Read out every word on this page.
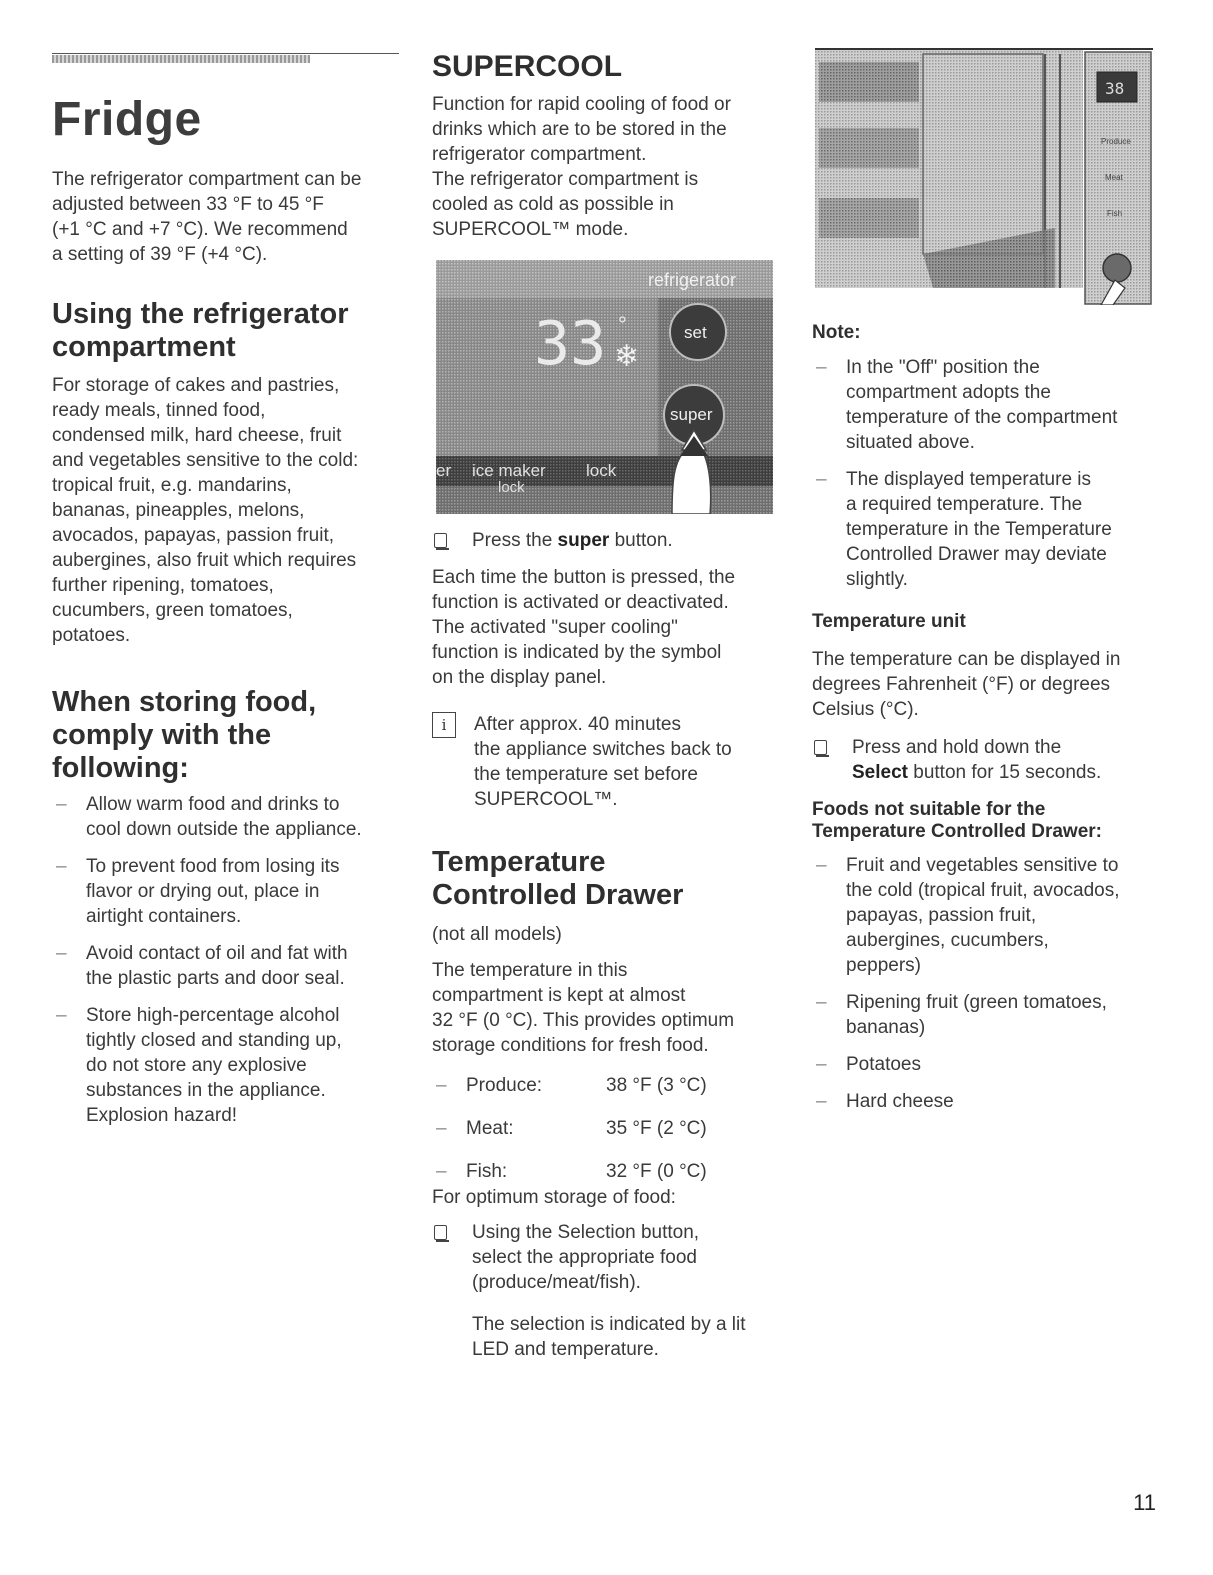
Fridge

The refrigerator compartment can be

adjusted between 33 °F to 45 °F

(+1 °C and +7 °C). We recommend

a setting of 39 °F (+4 °C).

Using the refrigerator
compartment

For storage of cakes and pastries,

ready meals, tinned food,

condensed milk, hard cheese, fruit

and vegetables sensitive to the cold:

tropical fruit, e.g. mandarins,

bananas, pineapples, melons,

avocados, papayas, passion fruit,

aubergines, also fruit which requires

further ripening, tomatoes,

cucumbers, green tomatoes,

potatoes.

When storing food,
comply with the
following:
– Allow warm food and drinks to
cool down outside the appliance.
– To prevent food from losing its
flavor or drying out, place in
airtight containers.
– Avoid contact of oil and fat with
the plastic parts and door seal.
– Store high-percentage alcohol
tightly closed and standing up,
do not store any explosive
substances in the appliance.
Explosion hazard!
SUPERCOOL

Function for rapid cooling of food or

drinks which are to be stored in the

refrigerator compartment.

The refrigerator compartment is

cooled as cold as possible in

SUPERCOOL™ mode.

Press the super button.

Each time the button is pressed, the

function is activated or deactivated.

The activated "super cooling"

function is indicated by the symbol

on the display panel.

i	After approx. 40 minutes
the appliance switches back to
the temperature set before
SUPERCOOL™.
Temperature
Controlled Drawer

(not all models)

The temperature in this

compartment is kept at almost

32 °F (0 °C). This provides optimum

storage conditions for fresh food.

– Produce:	38 °F (3 °C)
– Meat:	35 °F (2 °C)
– Fish:	32 °F (0 °C)

For optimum storage of food:

Using the Selection button,
select the appropriate food
(produce/meat/fish).

The selection is indicated by a lit

LED and temperature.

refrigerator
33 °
❄
set
super
er ice maker
lock
lock
Note:
– In the "Off" position the
compartment adopts the
temperature of the compartment
situated above.
– The displayed temperature is
a required temperature. The
temperature in the Temperature
Controlled Drawer may deviate
slightly.
Temperature unit

The temperature can be displayed in

degrees Fahrenheit (°F) or degrees

Celsius (°C).

Press and hold down the
Select button for 15 seconds.
Foods not suitable for the
Temperature Controlled Drawer:
– Fruit and vegetables sensitive to
the cold (tropical fruit, avocados,
papayas, passion fruit,
aubergines, cucumbers,
peppers)
– Ripening fruit (green tomatoes,
bananas)
– Potatoes
– Hard cheese
38
Produce
Meat
Fish
11
